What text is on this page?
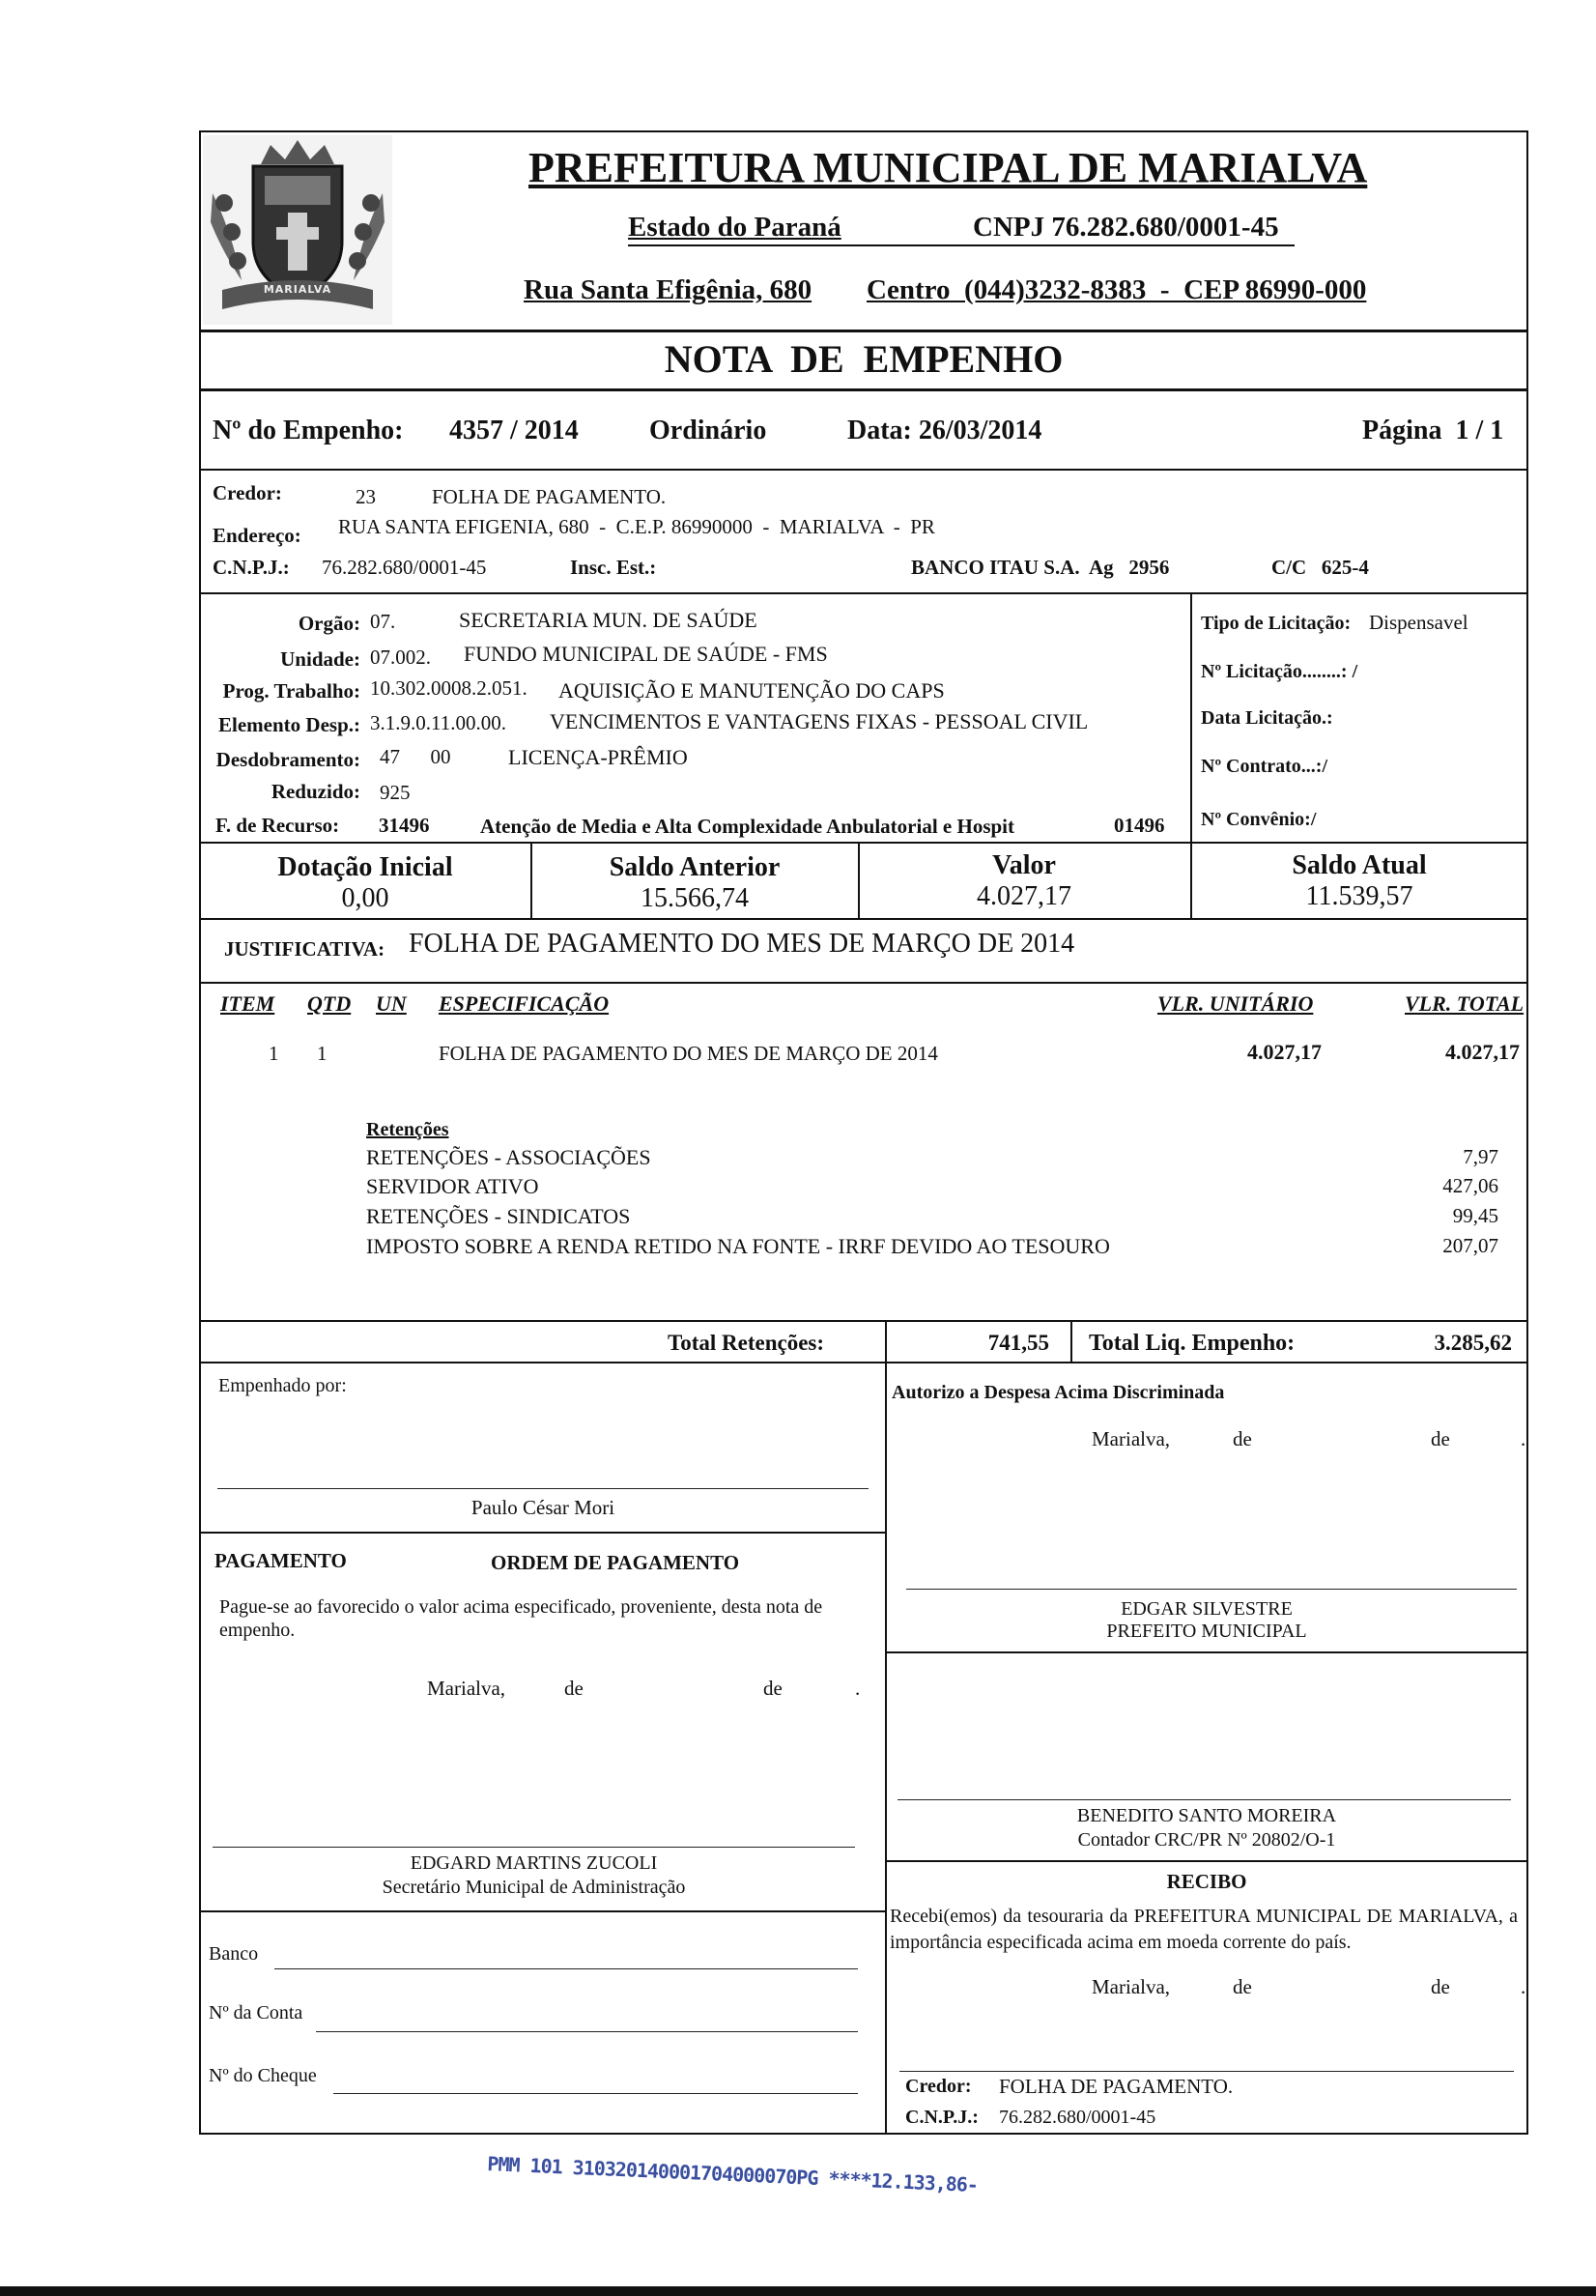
MARIALVA
PREFEITURA MUNICIPAL DE MARIALVA
Estado do Paraná	CNPJ 76.282.680/0001-45
Rua Santa Efigênia, 680 Centro  (044)3232-8383  -  CEP 86990-000
NOTA  DE  EMPENHO
Nº do Empenho: 4357 / 2014	Ordinário	Data: 26/03/2014	Página  1 / 1
Credor:	23	FOLHA DE PAGAMENTO.
Endereço: RUA SANTA EFIGENIA, 680  -  C.E.P. 86990000  -  MARIALVA  -  PR
C.N.P.J.: 76.282.680/0001-45	Insc. Est.:	BANCO ITAU S.A.  Ag   2956	C/C   625-4
Orgão: 07.	SECRETARIA MUN. DE SAÚDE
Unidade: 07.002. FUNDO MUNICIPAL DE SAÚDE - FMS
Prog. Trabalho: 10.302.0008.2.051. AQUISIÇÃO E MANUTENÇÃO DO CAPS
Elemento Desp.: 3.1.9.0.11.00.00. VENCIMENTOS E VANTAGENS FIXAS - PESSOAL CIVIL
Desdobramento: 47      00	LICENÇA-PRÊMIO
Reduzido: 925
F. de Recurso: 31496	Atenção de Media e Alta Complexidade Anbulatorial e Hospit	01496
Tipo de Licitação: Dispensavel
Nº Licitação........: /
Data Licitação.:
Nº Contrato...:/
Nº Convênio:/
Dotação Inicial
0,00
Saldo Anterior
15.566,74
Valor
4.027,17
Saldo Atual
11.539,57
JUSTIFICATIVA: FOLHA DE PAGAMENTO DO MES DE MARÇO DE 2014
ITEM QTD UN ESPECIFICAÇÃO	VLR. UNITÁRIO	VLR. TOTAL
1 1	FOLHA DE PAGAMENTO DO MES DE MARÇO DE 2014	4.027,17	4.027,17
Retenções
RETENÇÕES - ASSOCIAÇÕES	7,97
SERVIDOR ATIVO	427,06
RETENÇÕES - SINDICATOS	99,45
IMPOSTO SOBRE A RENDA RETIDO NA FONTE - IRRF DEVIDO AO TESOURO	207,07
Total Retenções:	741,55 Total Liq. Empenho:	3.285,62
Empenhado por:
Paulo César Mori
PAGAMENTO	ORDEM DE PAGAMENTO
Pague-se ao favorecido o valor acima especificado, proveniente, desta nota de empenho.
Marialva,	de	de	.
EDGARD MARTINS ZUCOLI
Secretário Municipal de Administração
Banco
Nº da Conta
Nº do Cheque
Autorizo a Despesa Acima Discriminada
Marialva,	de	de	.
EDGAR SILVESTRE
PREFEITO MUNICIPAL
BENEDITO SANTO MOREIRA
Contador CRC/PR Nº 20802/O-1
RECIBO
Recebi(emos) da tesouraria da PREFEITURA MUNICIPAL DE MARIALVA, a importância especificada acima em moeda corrente do país.
Marialva,	de	de	.
Credor: FOLHA DE PAGAMENTO.
C.N.P.J.: 76.282.680/0001-45
PMM 101 310320140001704000070PG ****12.133,86-
